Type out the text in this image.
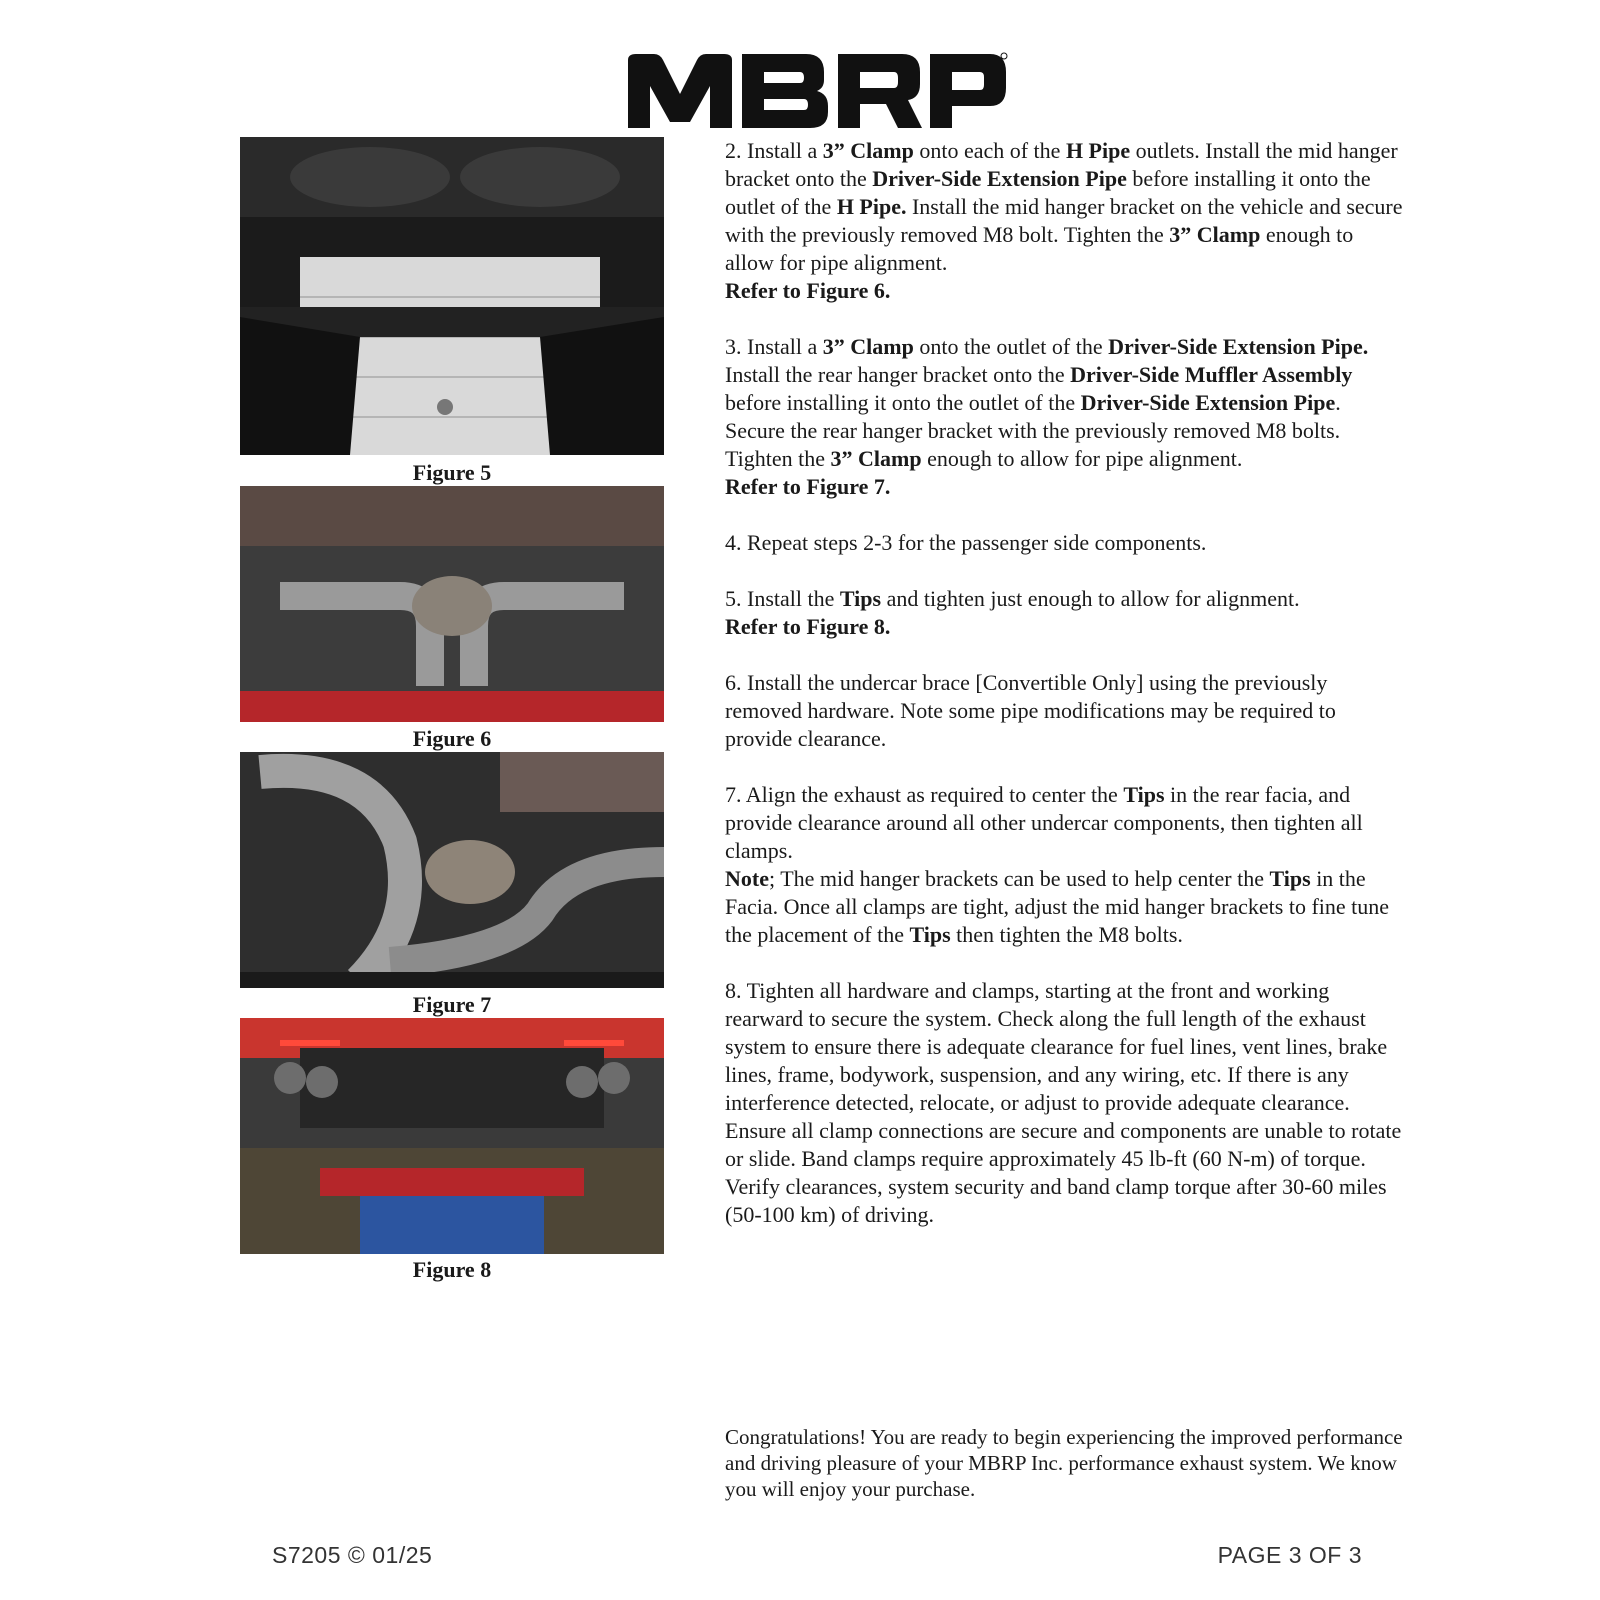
Figure 5
Figure 6
Figure 7
Figure 8

2. Install a 3” Clamp onto each of the H Pipe outlets. Install the mid hanger bracket onto the Driver-Side Extension Pipe before installing it onto the outlet of the H Pipe. Install the mid hanger bracket on the vehicle and secure with the previously removed M8 bolt. Tighten the 3” Clamp enough to allow for pipe alignment.

Refer to Figure 6.

3. Install a 3” Clamp onto the outlet of the Driver-Side Extension Pipe. Install the rear hanger bracket onto the Driver-Side Muffler Assembly before installing it onto the outlet of the Driver-Side Extension Pipe. Secure the rear hanger bracket with the previously removed M8 bolts. Tighten the 3” Clamp enough to allow for pipe alignment.

Refer to Figure 7.

4. Repeat steps 2-3 for the passenger side components.

5. Install the Tips and tighten just enough to allow for alignment.

Refer to Figure 8.

6. Install the undercar brace [Convertible Only] using the previously removed hardware. Note some pipe modifications may be required to provide clearance.

7. Align the exhaust as required to center the Tips in the rear facia, and provide clearance around all other undercar components, then tighten all clamps.

Note; The mid hanger brackets can be used to help center the Tips in the Facia. Once all clamps are tight, adjust the mid hanger brackets to fine tune the placement of the Tips then tighten the M8 bolts.

8. Tighten all hardware and clamps, starting at the front and working rearward to secure the system. Check along the full length of the exhaust system to ensure there is adequate clearance for fuel lines, vent lines, brake lines, frame, bodywork, suspension, and any wiring, etc. If there is any interference detected, relocate, or adjust to provide adequate clearance. Ensure all clamp connections are secure and components are unable to rotate or slide. Band clamps require approximately 45 lb-ft (60 N-m) of torque. Verify clearances, system security and band clamp torque after 30-60 miles (50-100 km) of driving.

Congratulations! You are ready to begin experiencing the improved performance and driving pleasure of your MBRP Inc. performance exhaust system. We know you will enjoy your purchase.

S7205 © 01/25	PAGE 3 OF 3
